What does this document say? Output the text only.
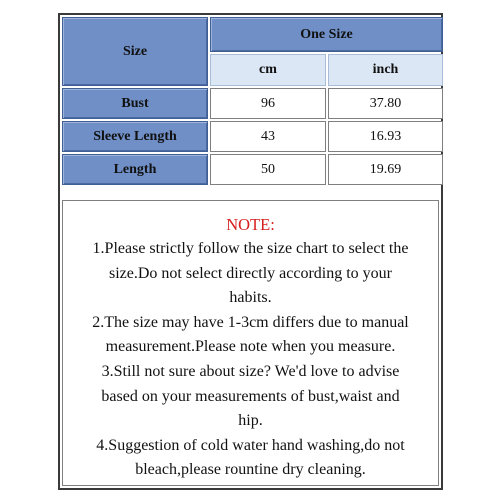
Size	One Size	
	cm	inch
Bust	96	37.80
Sleeve Length	43	16.93
Length	50	19.69

NOTE:

1.Please strictly follow the size chart to select the

size.Do not select directly according to your

habits.

2.The size may have 1-3cm differs due to manual

measurement.Please note when you measure.

3.Still not sure about size? We'd love to advise

based on your measurements of bust,waist and

hip.

4.Suggestion of cold water hand washing,do not

bleach,please rountine dry cleaning.
